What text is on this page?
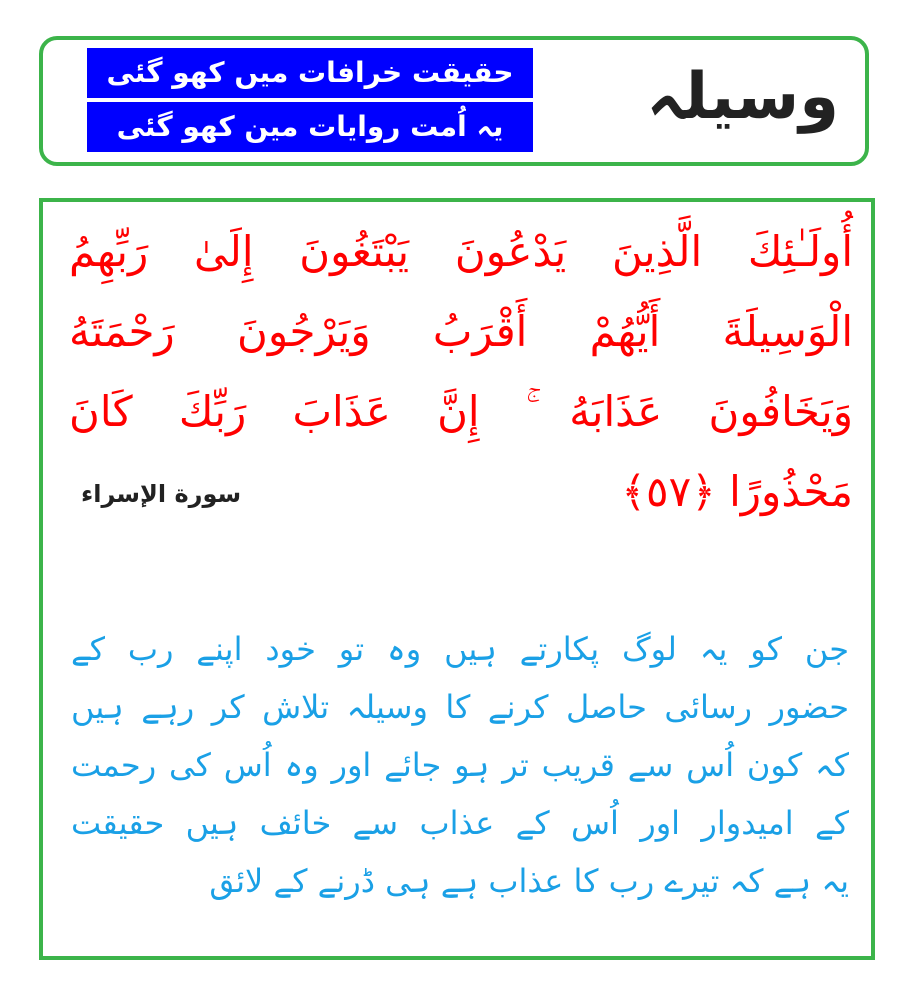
وسیلہ
حقیقت خرافات میں کھو گئی
یہ اُمت روایات مین کھو گئی
أُولَـٰئِكَ الَّذِينَ يَدْعُونَ يَبْتَغُونَ إِلَىٰ رَبِّهِمُ
الْوَسِيلَةَ أَيُّهُمْ أَقْرَبُ وَيَرْجُونَ رَحْمَتَهُ
وَيَخَافُونَ عَذَابَهُ ۚ إِنَّ عَذَابَ رَبِّكَ كَانَ
مَحْذُورًا ﴿٥٧﴾
سورة الإسراء
جن کو یہ لوگ پکارتے ہیں وہ تو خود اپنے رب کے
حضور رسائی حاصل کرنے کا وسیلہ تلاش کر رہے ہیں
کہ کون اُس سے قریب تر ہو جائے اور وہ اُس کی رحمت
کے امیدوار اور اُس کے عذاب سے خائف ہیں حقیقت
یہ ہے کہ تیرے رب کا عذاب ہے ہی ڈرنے کے لائق
